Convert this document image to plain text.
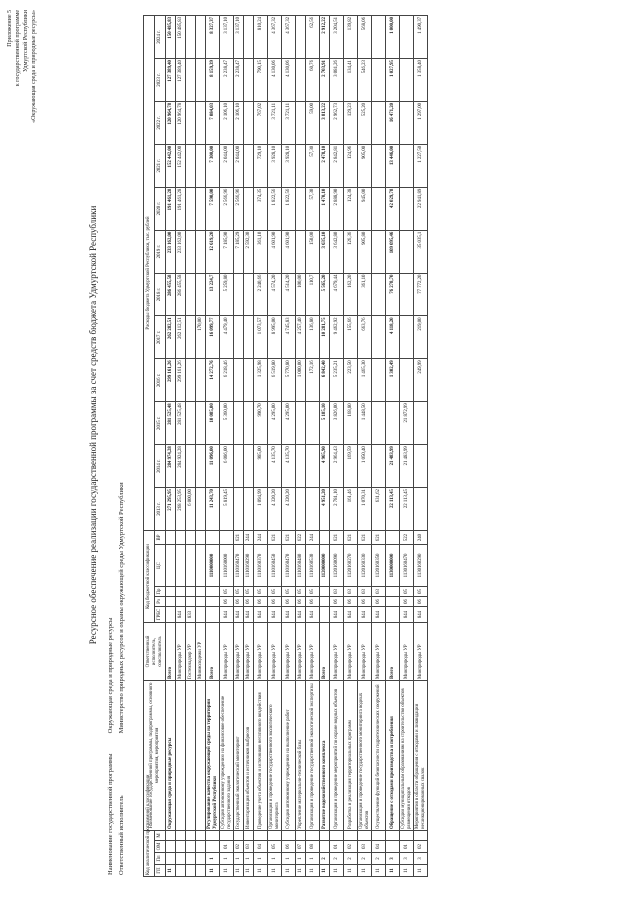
Приложение 5 к государственной программе Удмуртской Республики «Окружающая среда и природные ресурсы»
Ресурсное обеспечение реализации государственной программы за счет средств бюджета Удмуртской Республики
Наименование государственной программы Окружающая среда и природные ресурсы
Ответственный исполнитель Министерство природных ресурсов и охраны окружающей среды Удмуртской Республики
Код аналитической программной классификации				Наименование государственной программы, подпрограммы, основного мероприятия, мероприятия	Ответственный исполнитель, соисполнитель	Код бюджетной классификации					Расходы бюджета Удмуртской Республики, тыс. рублей											
ГП	Пп	ОМ	М			ГРБС	Рз	Пр	ЦС	ВР	2013 г.	2014 г.	2015 г.	2016 г.	2017 г.	2018 г.	2019 г.	2020 г.	2021 г.	2022 г.	2023 г.	2024 г.
11				Окружающая среда и природные ресурсы	Всего						271 295,95	284 974,28	281 525,48	299 161,26	262 282,51	286 455,58	233 162,00	191 461,28	152 442,00	120 964,78	127 389,40	150 485,83
					Минприроды УР	844					268 253,95	284 924,28	281 525,48	299 161,26	262 112,51	286 455,58	233 162,00	191 461,28	152 442,00	120 964,78	127 389,40	150 485,83
					Гостехнадзор УР	833					6 000,00											
					Минмолодежи УР										170,00							
11	1			Регулирование качества окружающей среды на территории Удмуртской Республики	Всего				1110000000		11 243,70	11 096,00	10 085,00	14 272,76	16 099,77	13 224,7	12 619,20	7 590,00	7 300,00	7 084,03	8 159,39	8 327,37
11	1	01		Субсидия автономному учреждению на финансовое обеспечение государственного задания	Минприроды УР	844	06	05	1110160000		5 819,45	6 086,00	5 360,00	6 218,46	4 479,40	5 259,80	7 185,90	2 566,96	2 044,00	2 106,10	2 238,47	3 137,10
11	1	02		Государственный экологический мониторинг	Минприроды УР	844	06	05	1110160470	621							7 185,29	2 566,96	2 044,00	2 106,10	2 238,47	3 137,10
11	1	03		Инвентаризация объектов и источников выбросов	Минприроды УР	844	06	05	1110160290	244							2 592,30					
11	1	04		Проведение учета объектов и источников негативного воздействия	Минприроды УР	844	06	05	1110160370	244	1 094,99	985,00	990,70	1 325,98	1 073,57	2 240,66	361,10	374,35	729,10	767,02	790,15	810,24
11	1	05		Организация и проведение государственного экологического мониторинга	Минприроды УР	844	06	05	1110160450	621	4 320,20	4 135,70	4 295,00	6 519,80	8 995,00	4 574,20	4 601,90	1 822,56	3 928,10	3 721,11	4 130,06	4 367,32
11	1	06		Субсидия автономному учреждению на выполнение работ	Минприроды УР	844	06	05	1110160470	621	4 320,20	4 135,70	4 295,00	5 770,80	4 745,83	4 514,20	4 601,90	1 822,56	3 928,10	3 721,11	4 130,06	4 367,32
11	1	07		Укрепление материально-технической базы	Минприроды УР	844	06	05	1110160480	622				1 000,00	4 257,40	100,00						
11	1	08		Организация и проведение государственной экологической экспертизы	Минприроды УР	844	06	05	1110160530	244				172,16	136,80	110,7	150,00	57,30	57,30	59,00	60,76	62,56
11	2			Развитие водохозяйственного комплекса	Всего				1120000000		4 951,20	4 965,90	5 185,10	6 842,40	10 281,75	5 565,20	3 635,10	1 470,10	2 478,10	3 813,22	2 703,91	2 912,22
11	2	01		Организация и проведение мероприятий по охране водных объектов	Минприроды УР	844	06	03	1120160090	621	2 781,10	2 964,43	3 826,00	5 235,21	9 462,92	4 679,44	3 642,80	2 888,90	2 842,81	2 962,73	3 081,26	3 204,51
11	2	02		Разработка и реализация территориальных программ	Минприроды УР	844	06	03	1120160270	621	161,46	169,59	168,80	223,50	155,66	162,20	126,36	124,38	124,96	129,23	134,41	139,82
11	2	03		Организация и проведение государственного мониторинга водных объектов	Минприроды УР	844	06	03	1120160330	621	1 070,31	1 050,40	1 448,50	1 465,30	663,76	361,10	905,80	945,00	905,00	525,20	546,23	568,06
11	2	04		Осуществление функций безопасности гидротехнических сооружений	Минприроды УР	844	06	03	1120160350	621	631,62											
11	3			Обращение с отходами производства и потребления	Всего				1130000000		22 113,45	21 483,99		1 302,49	4 118,20	76 278,70	109 095,46	42 029,78	13 446,00	16 471,20	1 027,95	1 000,00
11	3	01		Субсидии муниципальным образованиям на строительство объектов размещения отходов	Минприроды УР	844	06	05	1130160470	522	22 113,45	21 483,99	21 872,99									
11	3	02		Мероприятия в области обращения с отходами и ликвидации несанкционированных свалок	Минприроды УР	844	06	05	1130160290	240				249,99	219,00	77 772,20	35 035,1	22 941,89	1 227,50	1 297,00	1 358,40	1 490,37
